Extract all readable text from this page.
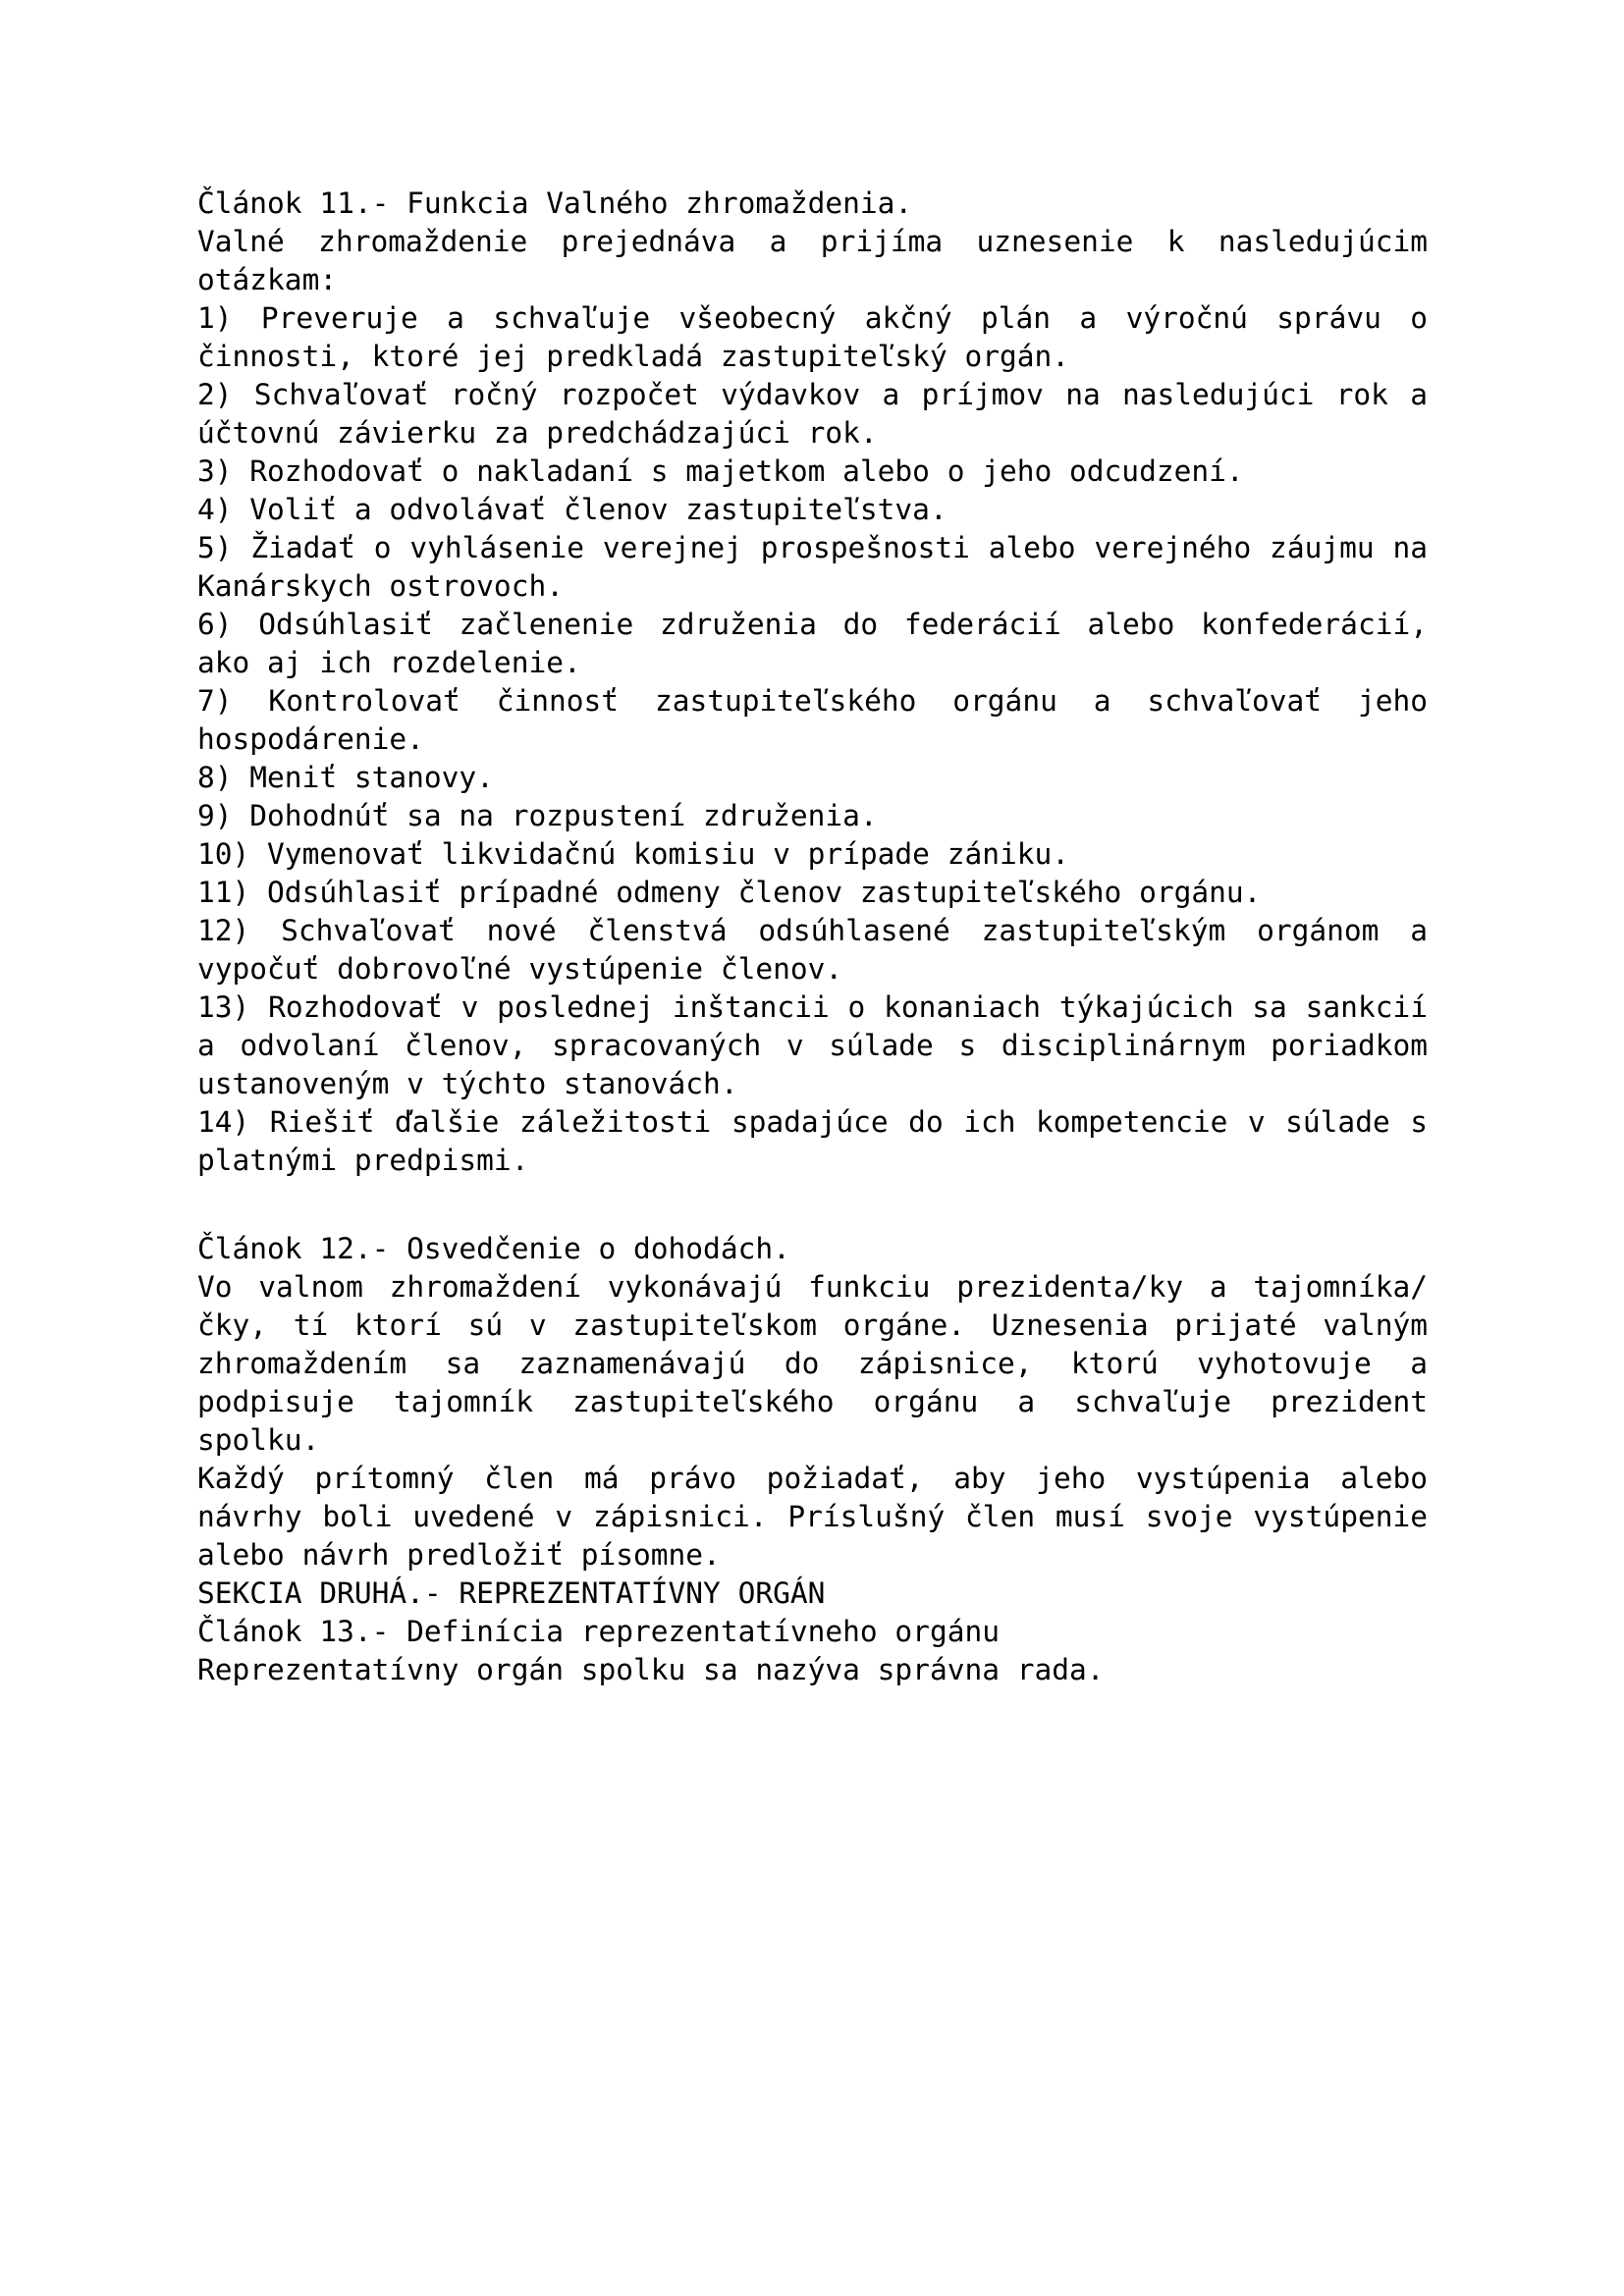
Článok 11.- Funkcia Valného zhromaždenia.

Valné zhromaždenie prejednáva a prijíma uznesenie k nasledujúcim otázkam:

1) Preveruje a schvaľuje všeobecný akčný plán a výročnú správu o činnosti, ktoré jej predkladá zastupiteľský orgán.

2) Schvaľovať ročný rozpočet výdavkov a príjmov na nasledujúci rok a účtovnú závierku za predchádzajúci rok.

3) Rozhodovať o nakladaní s majetkom alebo o jeho odcudzení.

4) Voliť a odvolávať členov zastupiteľstva.

5) Žiadať o vyhlásenie verejnej prospešnosti alebo verejného záujmu na Kanárskych ostrovoch.

6) Odsúhlasiť začlenenie združenia do federácií alebo konfederácií, ako aj ich rozdelenie.

7) Kontrolovať činnosť zastupiteľského orgánu a schvaľovať jeho hospodárenie.

8) Meniť stanovy.

9) Dohodnúť sa na rozpustení združenia.

10) Vymenovať likvidačnú komisiu v prípade zániku.

11) Odsúhlasiť prípadné odmeny členov zastupiteľského orgánu.

12) Schvaľovať nové členstvá odsúhlasené zastupiteľským orgánom a vypočuť dobrovoľné vystúpenie členov.

13) Rozhodovať v poslednej inštancii o konaniach týkajúcich sa sankcií a odvolaní členov, spracovaných v súlade s disciplinárnym poriadkom ustanoveným v týchto stanovách.

14) Riešiť ďalšie záležitosti spadajúce do ich kompetencie v súlade s platnými predpismi.

Článok 12.- Osvedčenie o dohodách.

Vo valnom zhromaždení vykonávajú funkciu prezidenta/ky a tajomníka/čky, tí ktorí sú v zastupiteľskom orgáne. Uznesenia prijaté valným zhromaždením sa zaznamenávajú do zápisnice, ktorú vyhotovuje a podpisuje tajomník zastupiteľského orgánu a schvaľuje prezident spolku.

Každý prítomný člen má právo požiadať, aby jeho vystúpenia alebo návrhy boli uvedené v zápisnici. Príslušný člen musí svoje vystúpenie alebo návrh predložiť písomne.

SEKCIA DRUHÁ.- REPREZENTATÍVNY ORGÁN
Článok 13.- Definícia reprezentatívneho orgánu

Reprezentatívny orgán spolku sa nazýva správna rada.
